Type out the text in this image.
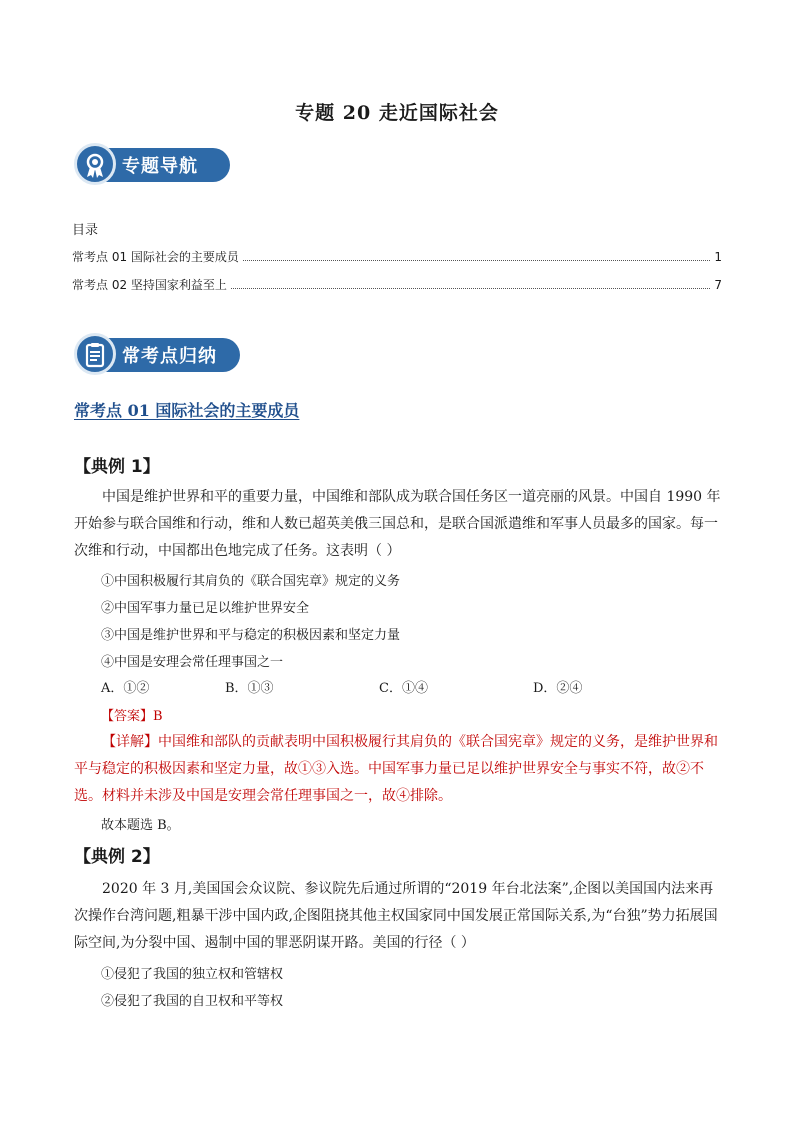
专题 20 走近国际社会
专题导航
目录
常考点 01 国际社会的主要成员	1
常考点 02 坚持国家利益至上	7
常考点归纳
常考点 01 国际社会的主要成员
【典例 1】
中国是维护世界和平的重要力量，中国维和部队成为联合国任务区一道亮丽的风景。中国自 1990 年开始参与联合国维和行动，维和人数已超英美俄三国总和，是联合国派遣维和军事人员最多的国家。每一次维和行动，中国都出色地完成了任务。这表明（ ）
①中国积极履行其肩负的《联合国宪章》规定的义务
②中国军事力量已足以维护世界安全
③中国是维护世界和平与稳定的积极因素和坚定力量
④中国是安理会常任理事国之一
A．①②	B．①③	C．①④	D．②④
【答案】B
【详解】中国维和部队的贡献表明中国积极履行其肩负的《联合国宪章》规定的义务，是维护世界和平与稳定的积极因素和坚定力量，故①③入选。中国军事力量已足以维护世界安全与事实不符，故②不选。材料并未涉及中国是安理会常任理事国之一，故④排除。
故本题选 B。
【典例 2】
2020 年 3 月,美国国会众议院、参议院先后通过所谓的“2019 年台北法案”,企图以美国国内法来再次操作台湾问题,粗暴干涉中国内政,企图阻挠其他主权国家同中国发展正常国际关系,为“台独”势力拓展国际空间,为分裂中国、遏制中国的罪恶阴谋开路。美国的行径（ ）
①侵犯了我国的独立权和管辖权
②侵犯了我国的自卫权和平等权
